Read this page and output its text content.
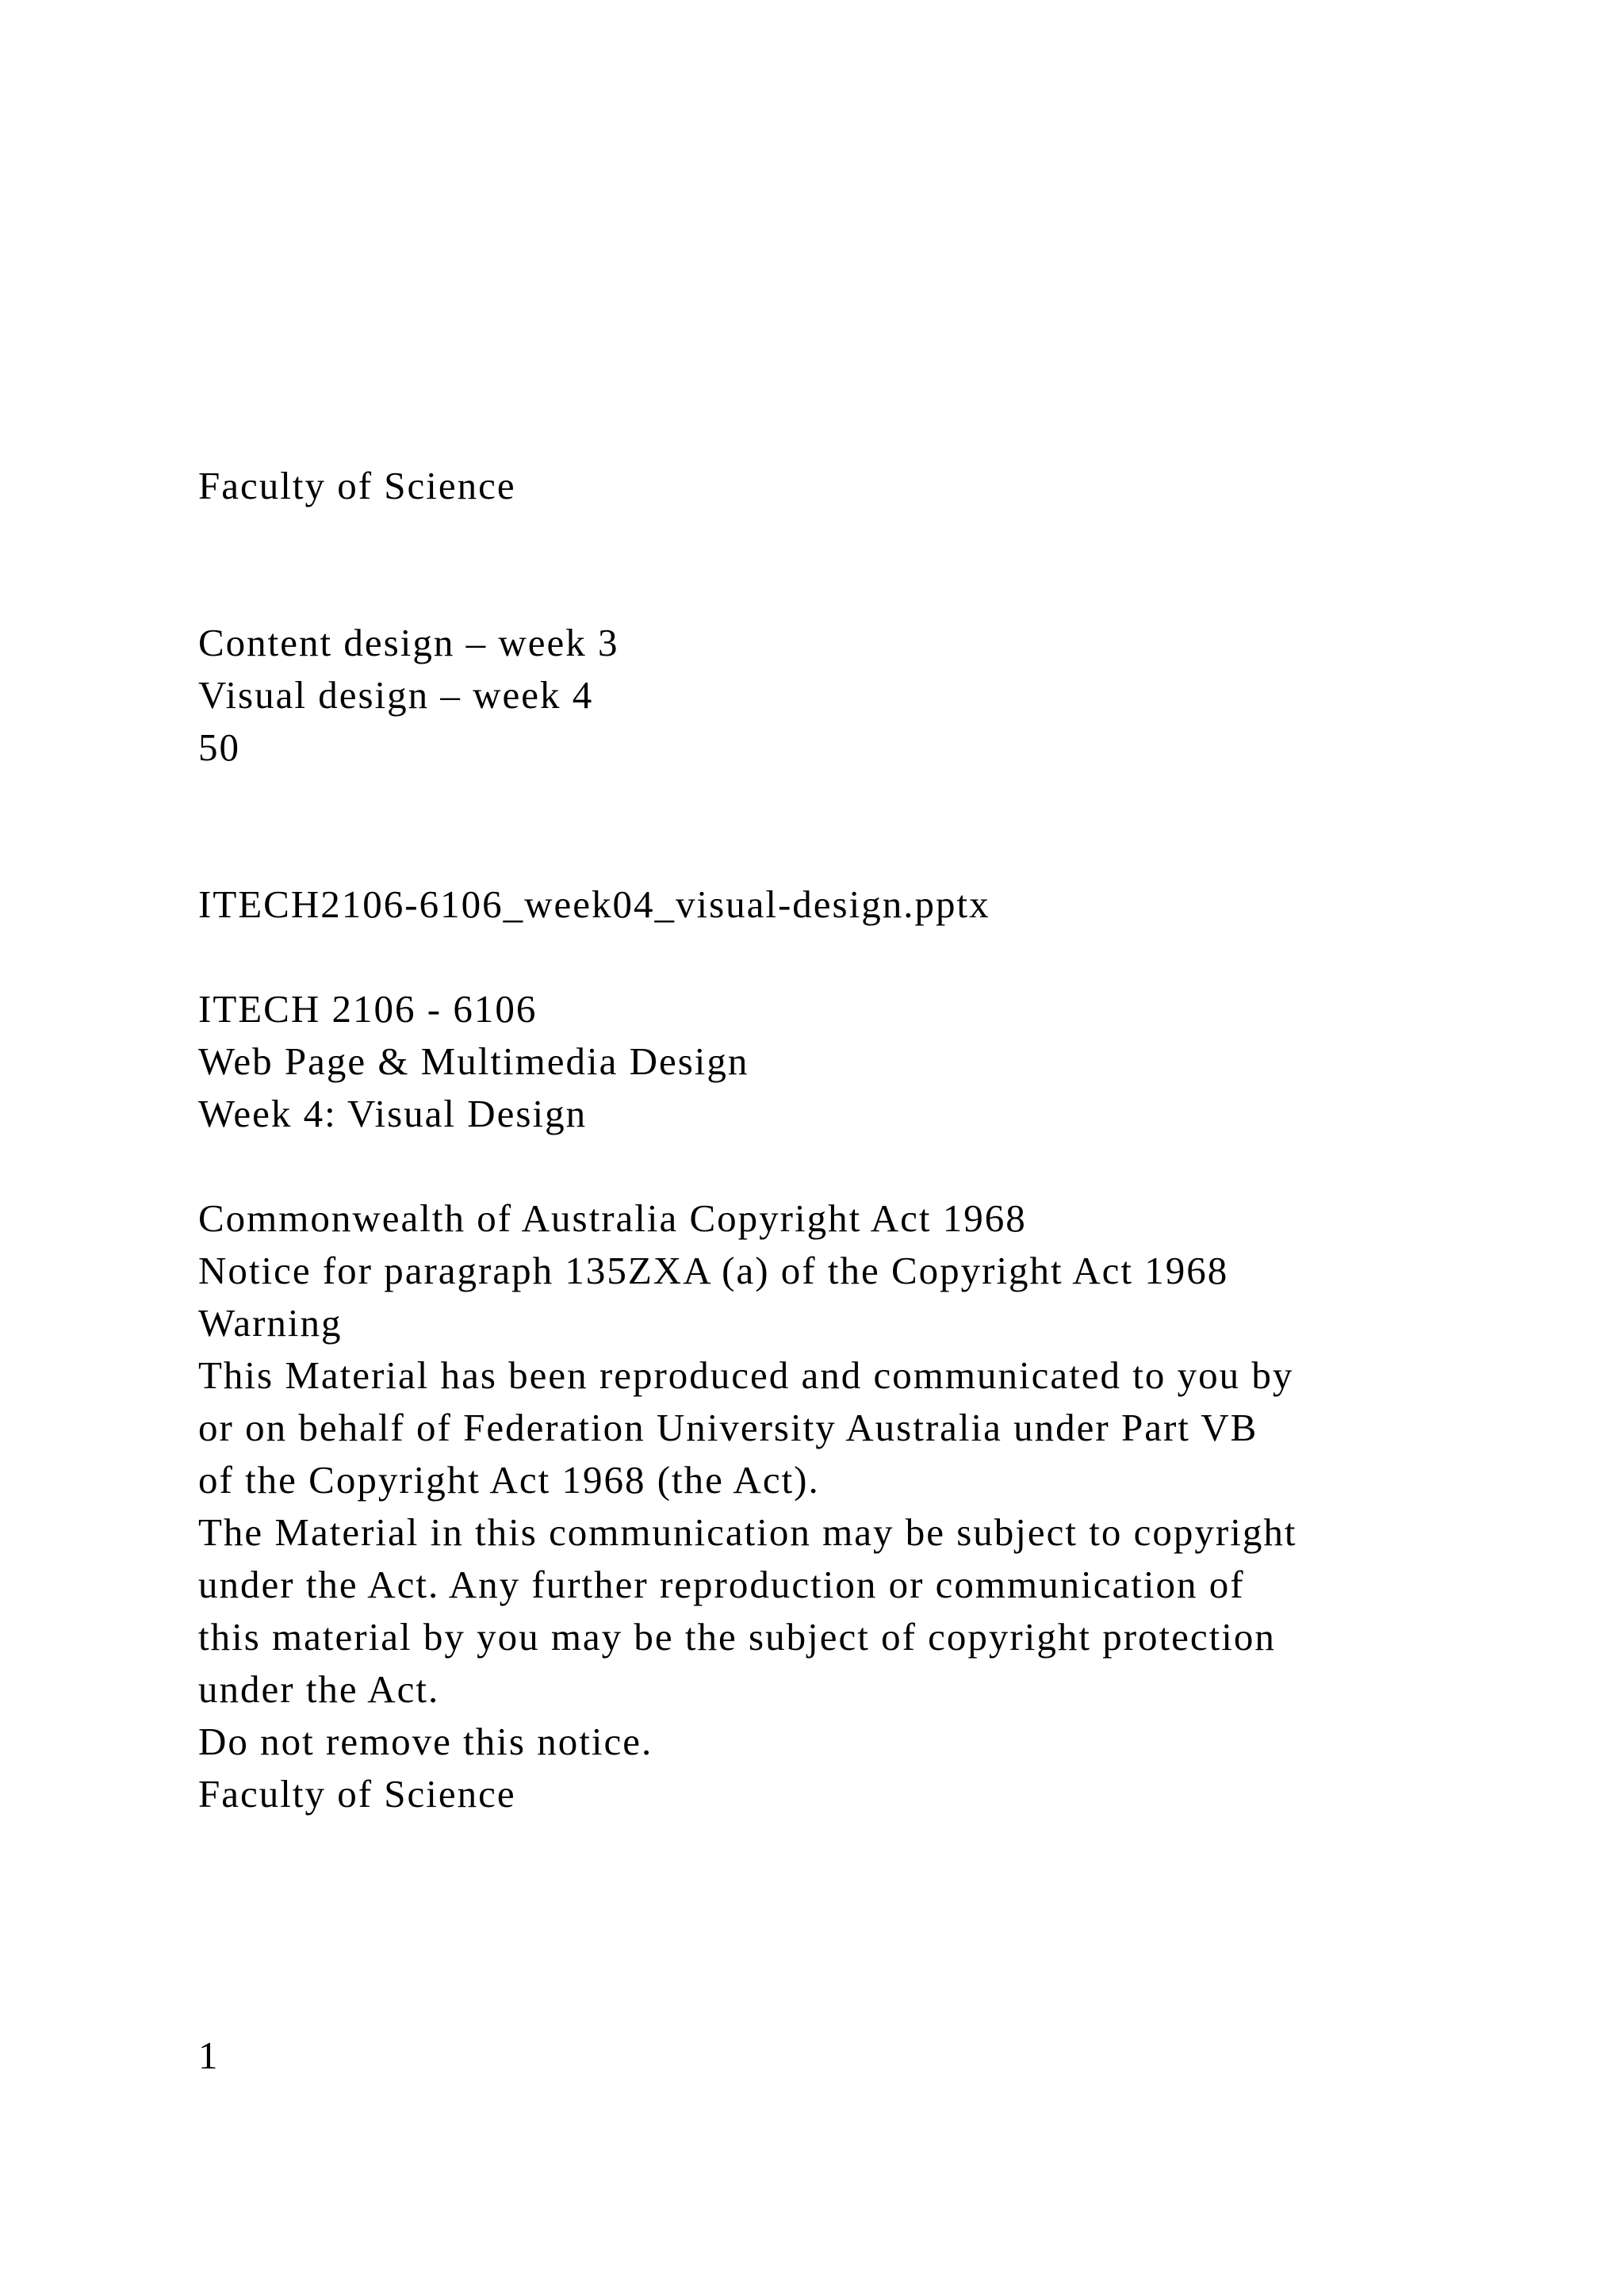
Faculty of Science
Content design – week 3
Visual design – week 4
50
ITECH2106-6106_week04_visual-design.pptx
ITECH 2106 - 6106
Web Page & Multimedia Design
Week 4: Visual Design
Commonwealth of Australia Copyright Act 1968
Notice for paragraph 135ZXA (a) of the Copyright Act 1968
Warning
This Material has been reproduced and communicated to you by
or on behalf of Federation University Australia under Part VB
of the Copyright Act 1968 (the Act).
The Material in this communication may be subject to copyright
under the Act. Any further reproduction or communication of
this material by you may be the subject of copyright protection
under the Act.
Do not remove this notice.
Faculty of Science
1
